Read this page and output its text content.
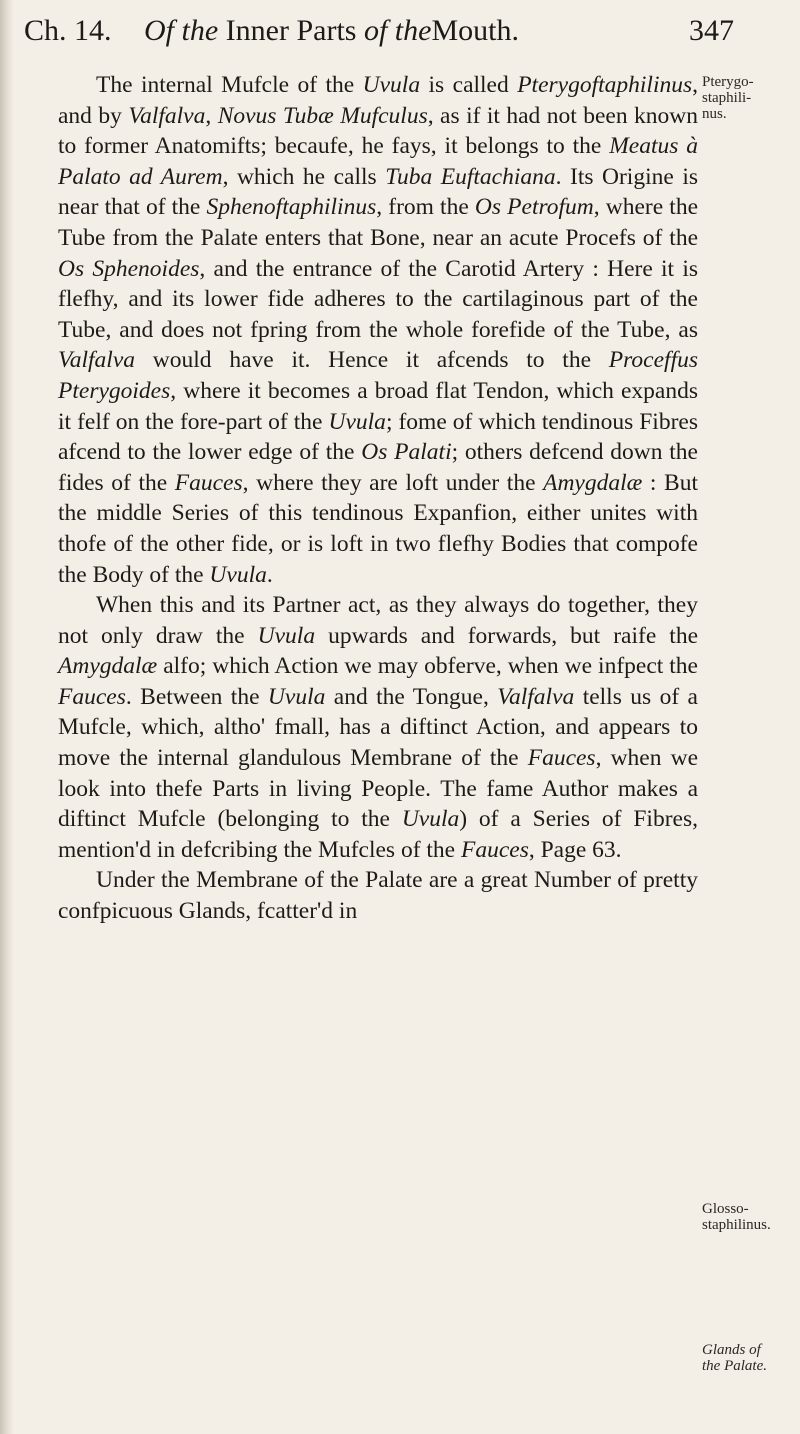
Ch. 14. Of the Inner Parts of theMouth.	347

The internal Mufcle of the Uvula is called Pterygoftaphilinus, and by Valfalva, Novus Tubæ Mufculus, as if it had not been known to former Anatomifts; becaufe, he fays, it belongs to the Meatus à Palato ad Aurem, which he calls Tuba Euftachiana. Its Origine is near that of the Sphenoftaphilinus, from the Os Petrofum, where the Tube from the Palate enters that Bone, near an acute Procefs of the Os Sphenoides, and the entrance of the Carotid Artery : Here it is flefhy, and its lower fide adheres to the cartilaginous part of the Tube, and does not fpring from the whole forefide of the Tube, as Valfalva would have it. Hence it afcends to the Proceffus Pterygoides, where it becomes a broad flat Tendon, which expands it felf on the fore-part of the Uvula; fome of which tendinous Fibres afcend to the lower edge of the Os Palati; others defcend down the fides of the Fauces, where they are loft under the Amygdalæ : But the middle Series of this tendinous Expanfion, either unites with thofe of the other fide, or is loft in two flefhy Bodies that compofe the Body of the Uvula.

When this and its Partner act, as they always do together, they not only draw the Uvula upwards and forwards, but raife the Amygdalæ alfo; which Action we may obferve, when we infpect the Fauces. Between the Uvula and the Tongue, Valfalva tells us of a Mufcle, which, altho' fmall, has a diftinct Action, and appears to move the internal glandulous Membrane of the Fauces, when we look into thefe Parts in living People. The fame Author makes a diftinct Mufcle (belonging to the Uvula) of a Series of Fibres, mention'd in defcribing the Mufcles of the Fauces, Page 63.

Under the Membrane of the Palate are a great Number of pretty confpicuous Glands, fcatter'd in

Pterygo-
staphili-
nus.
Glosso-
staphilinus.
Glands of
the Palate.
